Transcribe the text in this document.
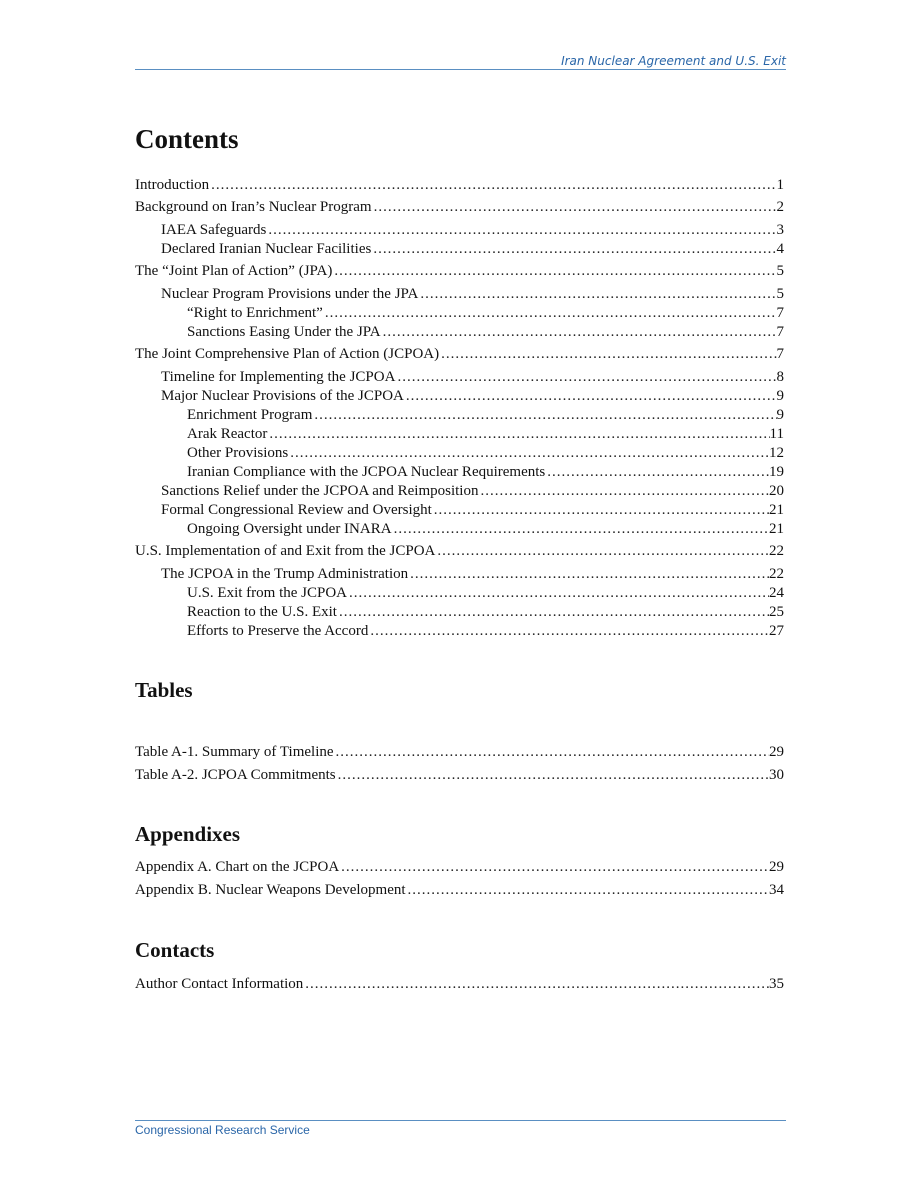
Iran Nuclear Agreement and U.S. Exit
Contents
Introduction .....	1
Background on Iran’s Nuclear Program .....	2
IAEA Safeguards .....	3
Declared Iranian Nuclear Facilities .....	4
The “Joint Plan of Action” (JPA) .....	5
Nuclear Program Provisions under the JPA .....	5
“Right to Enrichment” .....	7
Sanctions Easing Under the JPA .....	7
The Joint Comprehensive Plan of Action (JCPOA) .....	7
Timeline for Implementing the JCPOA .....	8
Major Nuclear Provisions of the JCPOA .....	9
Enrichment Program .....	9
Arak Reactor .....	11
Other Provisions .....	12
Iranian Compliance with the JCPOA Nuclear Requirements .....	19
Sanctions Relief under the JCPOA and Reimposition .....	20
Formal Congressional Review and Oversight .....	21
Ongoing Oversight under INARA .....	21
U.S. Implementation of and Exit from the JCPOA .....	22
The JCPOA in the Trump Administration .....	22
U.S. Exit from the JCPOA .....	24
Reaction to the U.S. Exit .....	25
Efforts to Preserve the Accord .....	27
Tables
Table A-1. Summary of Timeline .....	29
Table A-2. JCPOA Commitments .....	30
Appendixes
Appendix A. Chart on the JCPOA .....	29
Appendix B. Nuclear Weapons Development .....	34
Contacts
Author Contact Information .....	35
Congressional Research Service
